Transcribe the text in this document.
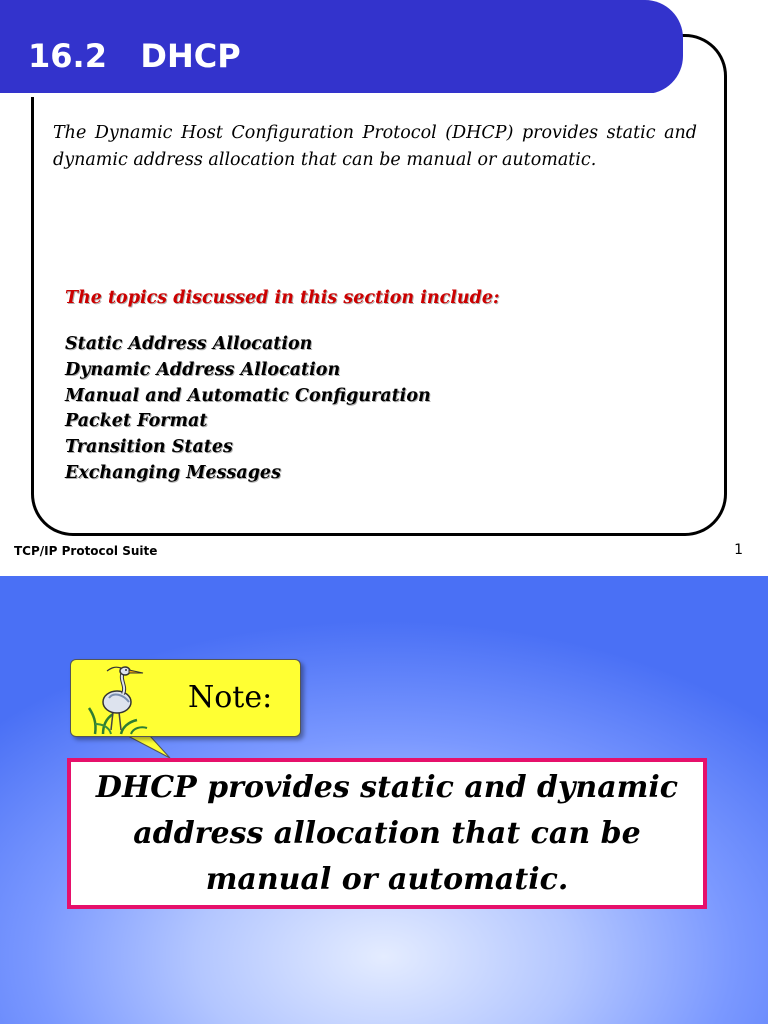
16.2   DHCP

The Dynamic Host Configuration Protocol (DHCP) provides static and dynamic address allocation that can be manual or automatic.

The topics discussed in this section include:

Static Address Allocation
Dynamic Address Allocation
Manual and Automatic Configuration
Packet Format
Transition States
Exchanging Messages
TCP/IP Protocol Suite	1

Note:

DHCP provides static and dynamic address allocation that can be manual or automatic.
